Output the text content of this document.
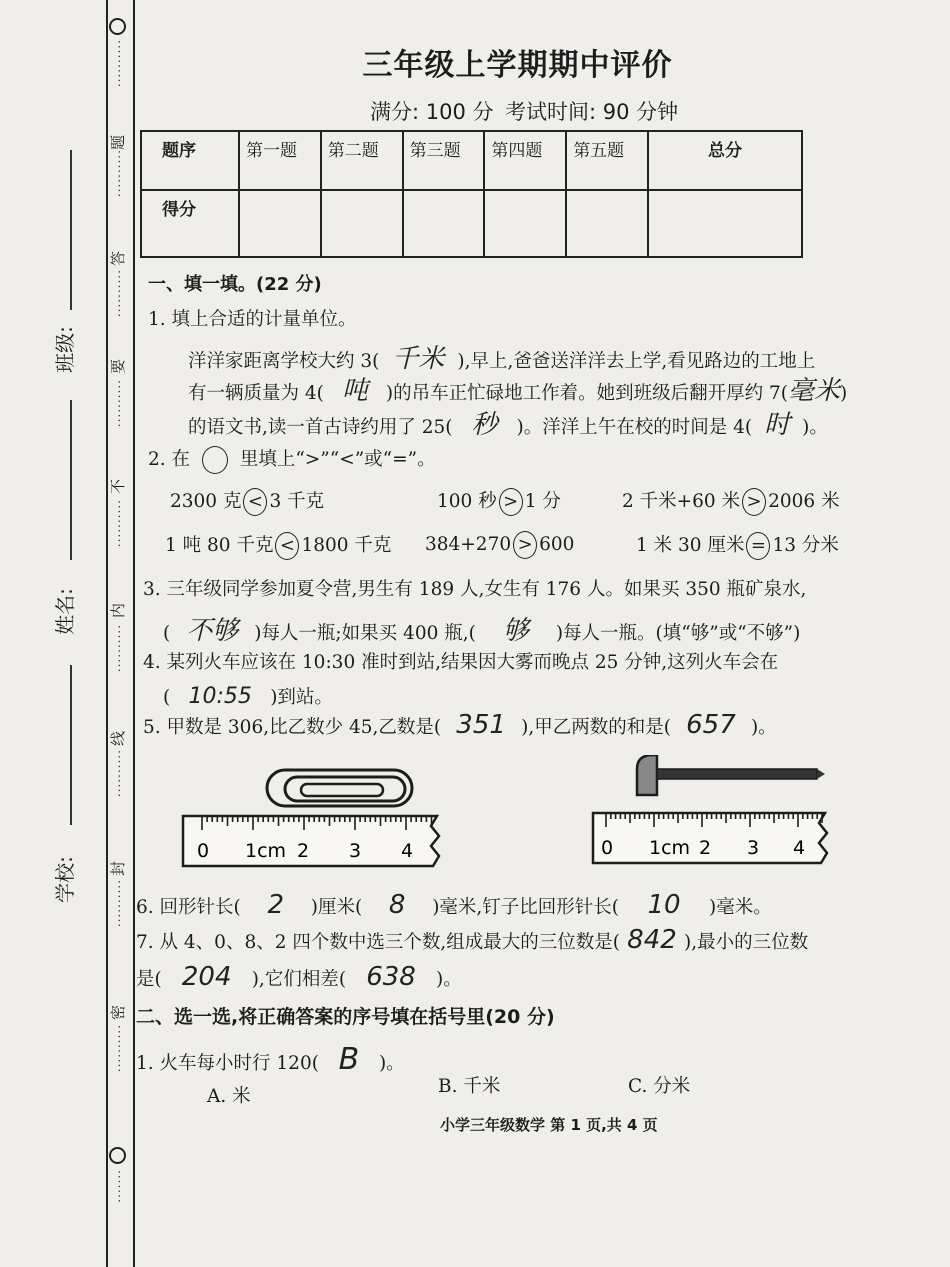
··········
··········
··········
··········
··········
··········
··········
··········
··········
·······
题
答
要
不
内
线
封
密
班级:
姓名:
学校:
三年级上学期期中评价
满分: 100 分 考试时间: 90 分钟
题序	第一题	第二题	第三题	第四题	第五题	总分
得分						
一、填一填。(22 分)
1. 填上合适的计量单位。
洋洋家距离学校大约 3( 千米 ),早上,爸爸送洋洋去上学,看见路边的工地上
有一辆质量为 4( 吨 )的吊车正忙碌地工作着。她到班级后翻开厚约 7(毫米)
的语文书,读一首古诗约用了 25( 秒 )。洋洋上午在校的时间是 4( 时 )。
2. 在	里填上“>”“<”或“=”。
2300 克 < 3 千克	100 秒 > 1 分	2 千米+60 米 > 2006 米
1 吨 80 千克 < 1800 千克 384+270 > 600	1 米 30 厘米 = 13 分米
3. 三年级同学参加夏令营,男生有 189 人,女生有 176 人。如果买 350 瓶矿泉水,
( 不够 )每人一瓶;如果买 400 瓶,( 够 )每人一瓶。(填“够”或“不够”)
4. 某列火车应该在 10:30 准时到站,结果因大雾而晚点 25 分钟,这列火车会在
( 10:55 )到站。
5. 甲数是 306,比乙数少 45,乙数是( 351 ),甲乙两数的和是( 657 )。
0 1cm 2 3 4	0 1cm 2 3 4
6. 回形针长( 2 )厘米( 8 )毫米,钉子比回形针长( 10 )毫米。
7. 从 4、0、8、2 四个数中选三个数,组成最大的三位数是( 842 ),最小的三位数
是( 204 ),它们相差( 638 )。
二、选一选,将正确答案的序号填在括号里(20 分)
1. 火车每小时行 120( B )。
A. 米	B. 千米	C. 分米
小学三年级数学 第 1 页,共 4 页
